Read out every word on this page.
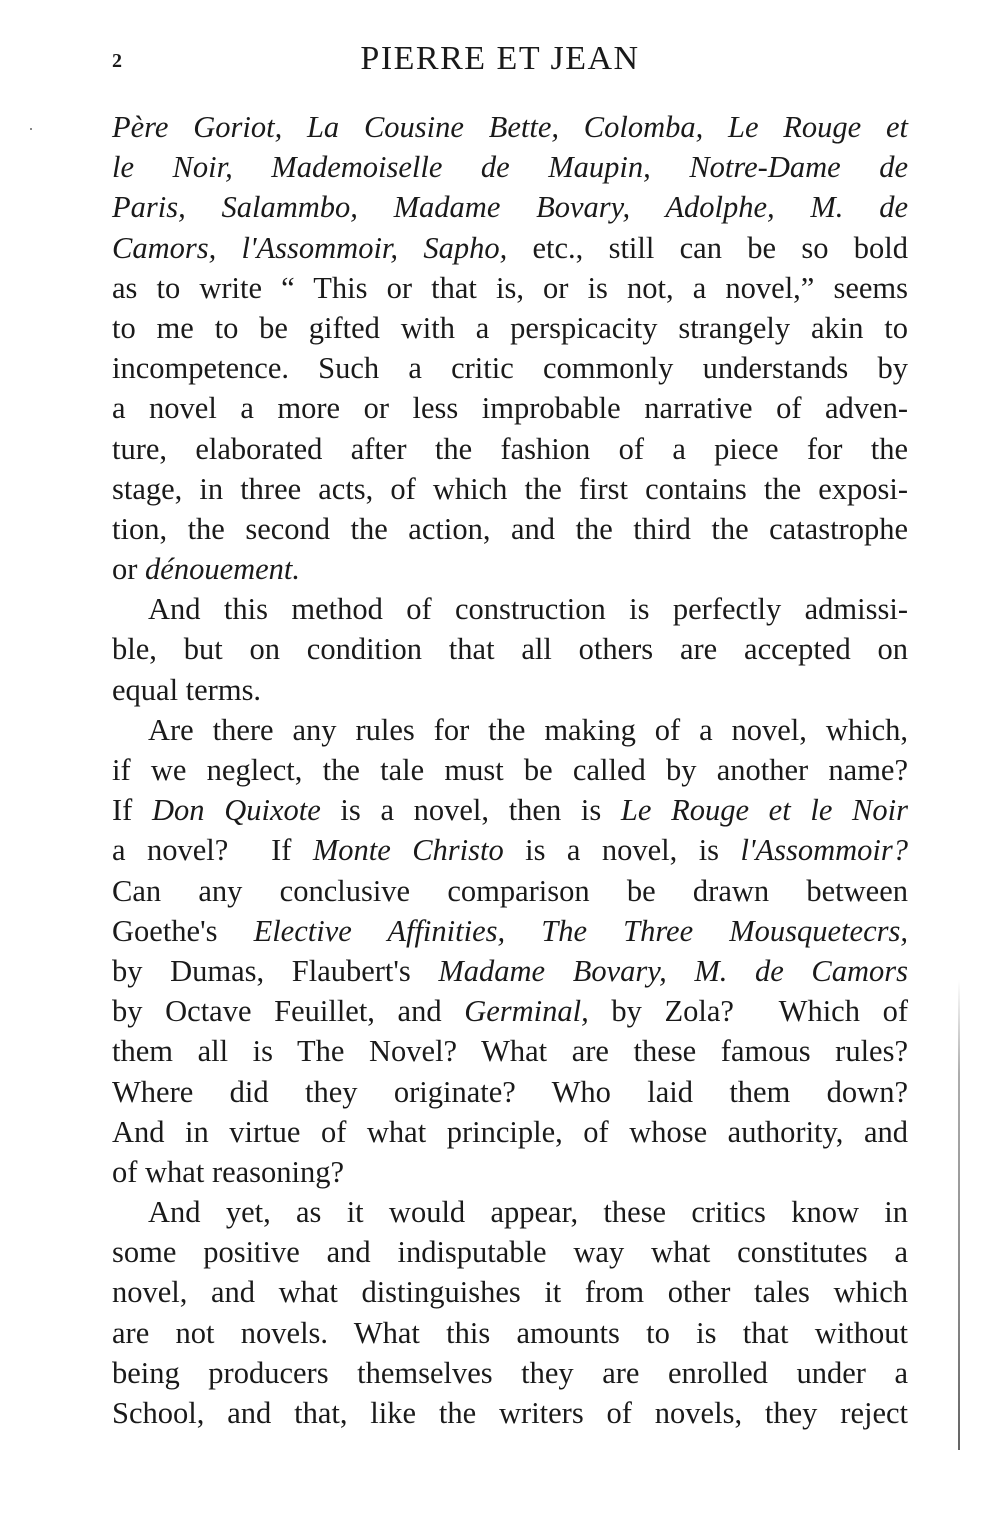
2	PIERRE ET JEAN
Père Goriot, La Cousine Bette, Colomba, Le Rouge et
le Noir, Mademoiselle de Maupin, Notre-Dame de
Paris, Salammbo, Madame Bovary, Adolphe, M. de
Camors, l'Assommoir, Sapho, etc., still can be so bold
as to write “ This or that is, or is not, a novel,” seems
to me to be gifted with a perspicacity strangely akin to
incompetence. Such a critic commonly understands by
a novel a more or less improbable narrative of adven-
ture, elaborated after the fashion of a piece for the
stage, in three acts, of which the first contains the exposi-
tion, the second the action, and the third the catastrophe
or dénouement.
And this method of construction is perfectly admissi-
ble, but on condition that all others are accepted on
equal terms.
Are there any rules for the making of a novel, which,
if we neglect, the tale must be called by another name?
If Don Quixote is a novel, then is Le Rouge et le Noir
a novel?  If Monte Christo is a novel, is l'Assommoir?
Can any conclusive comparison be drawn between
Goethe's Elective Affinities, The Three Mousquetecrs,
by Dumas, Flaubert's Madame Bovary, M. de Camors
by Octave Feuillet, and Germinal, by Zola?  Which of
them all is The Novel? What are these famous rules?
Where did they originate? Who laid them down?
And in virtue of what principle, of whose authority, and
of what reasoning?
And yet, as it would appear, these critics know in
some positive and indisputable way what constitutes a
novel, and what distinguishes it from other tales which
are not novels. What this amounts to is that without
being producers themselves they are enrolled under a
School, and that, like the writers of novels, they reject
